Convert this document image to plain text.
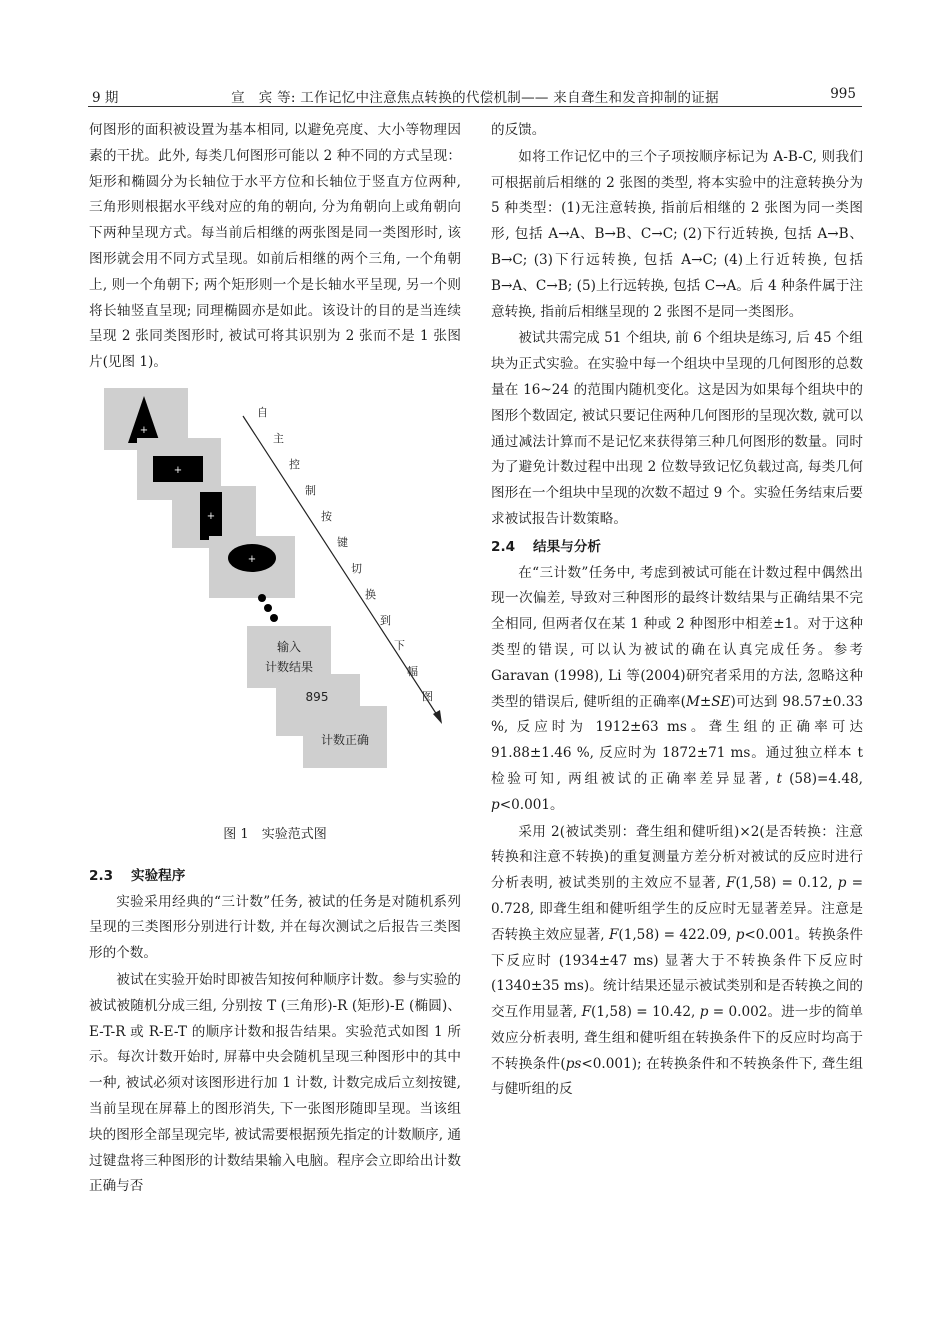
9 期	宣　宾 等: 工作记忆中注意焦点转换的代偿机制—— 来自聋生和发音抑制的证据	995

何图形的面积被设置为基本相同, 以避免亮度、大小等物理因素的干扰。此外, 每类几何图形可能以 2 种不同的方式呈现：矩形和椭圆分为长轴位于水平方位和长轴位于竖直方位两种, 三角形则根据水平线对应的角的朝向, 分为角朝向上或角朝向下两种呈现方式。每当前后相继的两张图是同一类图形时, 该图形就会用不同方式呈现。如前后相继的两个三角, 一个角朝上, 则一个角朝下; 两个矩形则一个是长轴水平呈现, 另一个则将长轴竖直呈现; 同理椭圆亦是如此。该设计的目的是当连续呈现 2 张同类图形时, 被试可将其识别为 2 张而不是 1 张图片(见图 1)。

+
+
+
+
输入
计数结果
895
计数正确
自
主
控
制
按
键
切
换
到
下
幅
图
图 1　实验范式图
2.3 实验程序

实验采用经典的“三计数”任务, 被试的任务是对随机系列呈现的三类图形分别进行计数, 并在每次测试之后报告三类图形的个数。

被试在实验开始时即被告知按何种顺序计数。参与实验的被试被随机分成三组, 分别按 T (三角形)-R (矩形)-E (椭圆)、E-T-R 或 R-E-T 的顺序计数和报告结果。实验范式如图 1 所示。每次计数开始时, 屏幕中央会随机呈现三种图形中的其中一种, 被试必须对该图形进行加 1 计数, 计数完成后立刻按键, 当前呈现在屏幕上的图形消失, 下一张图形随即呈现。当该组块的图形全部呈现完毕, 被试需要根据预先指定的计数顺序, 通过键盘将三种图形的计数结果输入电脑。程序会立即给出计数正确与否

的反馈。

如将工作记忆中的三个子项按顺序标记为 A-B-C, 则我们可根据前后相继的 2 张图的类型, 将本实验中的注意转换分为 5 种类型：(1)无注意转换, 指前后相继的 2 张图为同一类图形, 包括 A→A、B→B、C→C; (2)下行近转换, 包括 A→B、B→C; (3)下行远转换, 包括 A→C; (4)上行近转换, 包括 B→A、C→B; (5)上行远转换, 包括 C→A。后 4 种条件属于注意转换, 指前后相继呈现的 2 张图不是同一类图形。

被试共需完成 51 个组块, 前 6 个组块是练习, 后 45 个组块为正式实验。在实验中每一个组块中呈现的几何图形的总数量在 16~24 的范围内随机变化。这是因为如果每个组块中的图形个数固定, 被试只要记住两种几何图形的呈现次数, 就可以通过减法计算而不是记忆来获得第三种几何图形的数量。同时为了避免计数过程中出现 2 位数导致记忆负载过高, 每类几何图形在一个组块中呈现的次数不超过 9 个。实验任务结束后要求被试报告计数策略。

2.4 结果与分析

在“三计数”任务中, 考虑到被试可能在计数过程中偶然出现一次偏差, 导致对三种图形的最终计数结果与正确结果不完全相同, 但两者仅在某 1 种或 2 种图形中相差±1。对于这种类型的错误, 可以认为被试的确在认真完成任务。参考 Garavan (1998), Li 等(2004)研究者采用的方法, 忽略这种类型的错误后, 健听组的正确率(M±SE)可达到 98.57±0.33 %, 反应时为 1912±63 ms。聋生组的正确率可达 91.88±1.46 %, 反应时为 1872±71 ms。通过独立样本 t 检验可知, 两组被试的正确率差异显著, t (58)=4.48, p<0.001。

采用 2(被试类别：聋生组和健听组)×2(是否转换：注意转换和注意不转换)的重复测量方差分析对被试的反应时进行分析表明, 被试类别的主效应不显著, F(1,58) = 0.12, p = 0.728, 即聋生组和健听组学生的反应时无显著差异。注意是否转换主效应显著, F(1,58) = 422.09, p<0.001。转换条件下反应时 (1934±47 ms) 显著大于不转换条件下反应时 (1340±35 ms)。统计结果还显示被试类别和是否转换之间的交互作用显著, F(1,58) = 10.42, p = 0.002。进一步的简单效应分析表明, 聋生组和健听组在转换条件下的反应时均高于不转换条件(ps<0.001); 在转换条件和不转换条件下, 聋生组与健听组的反
